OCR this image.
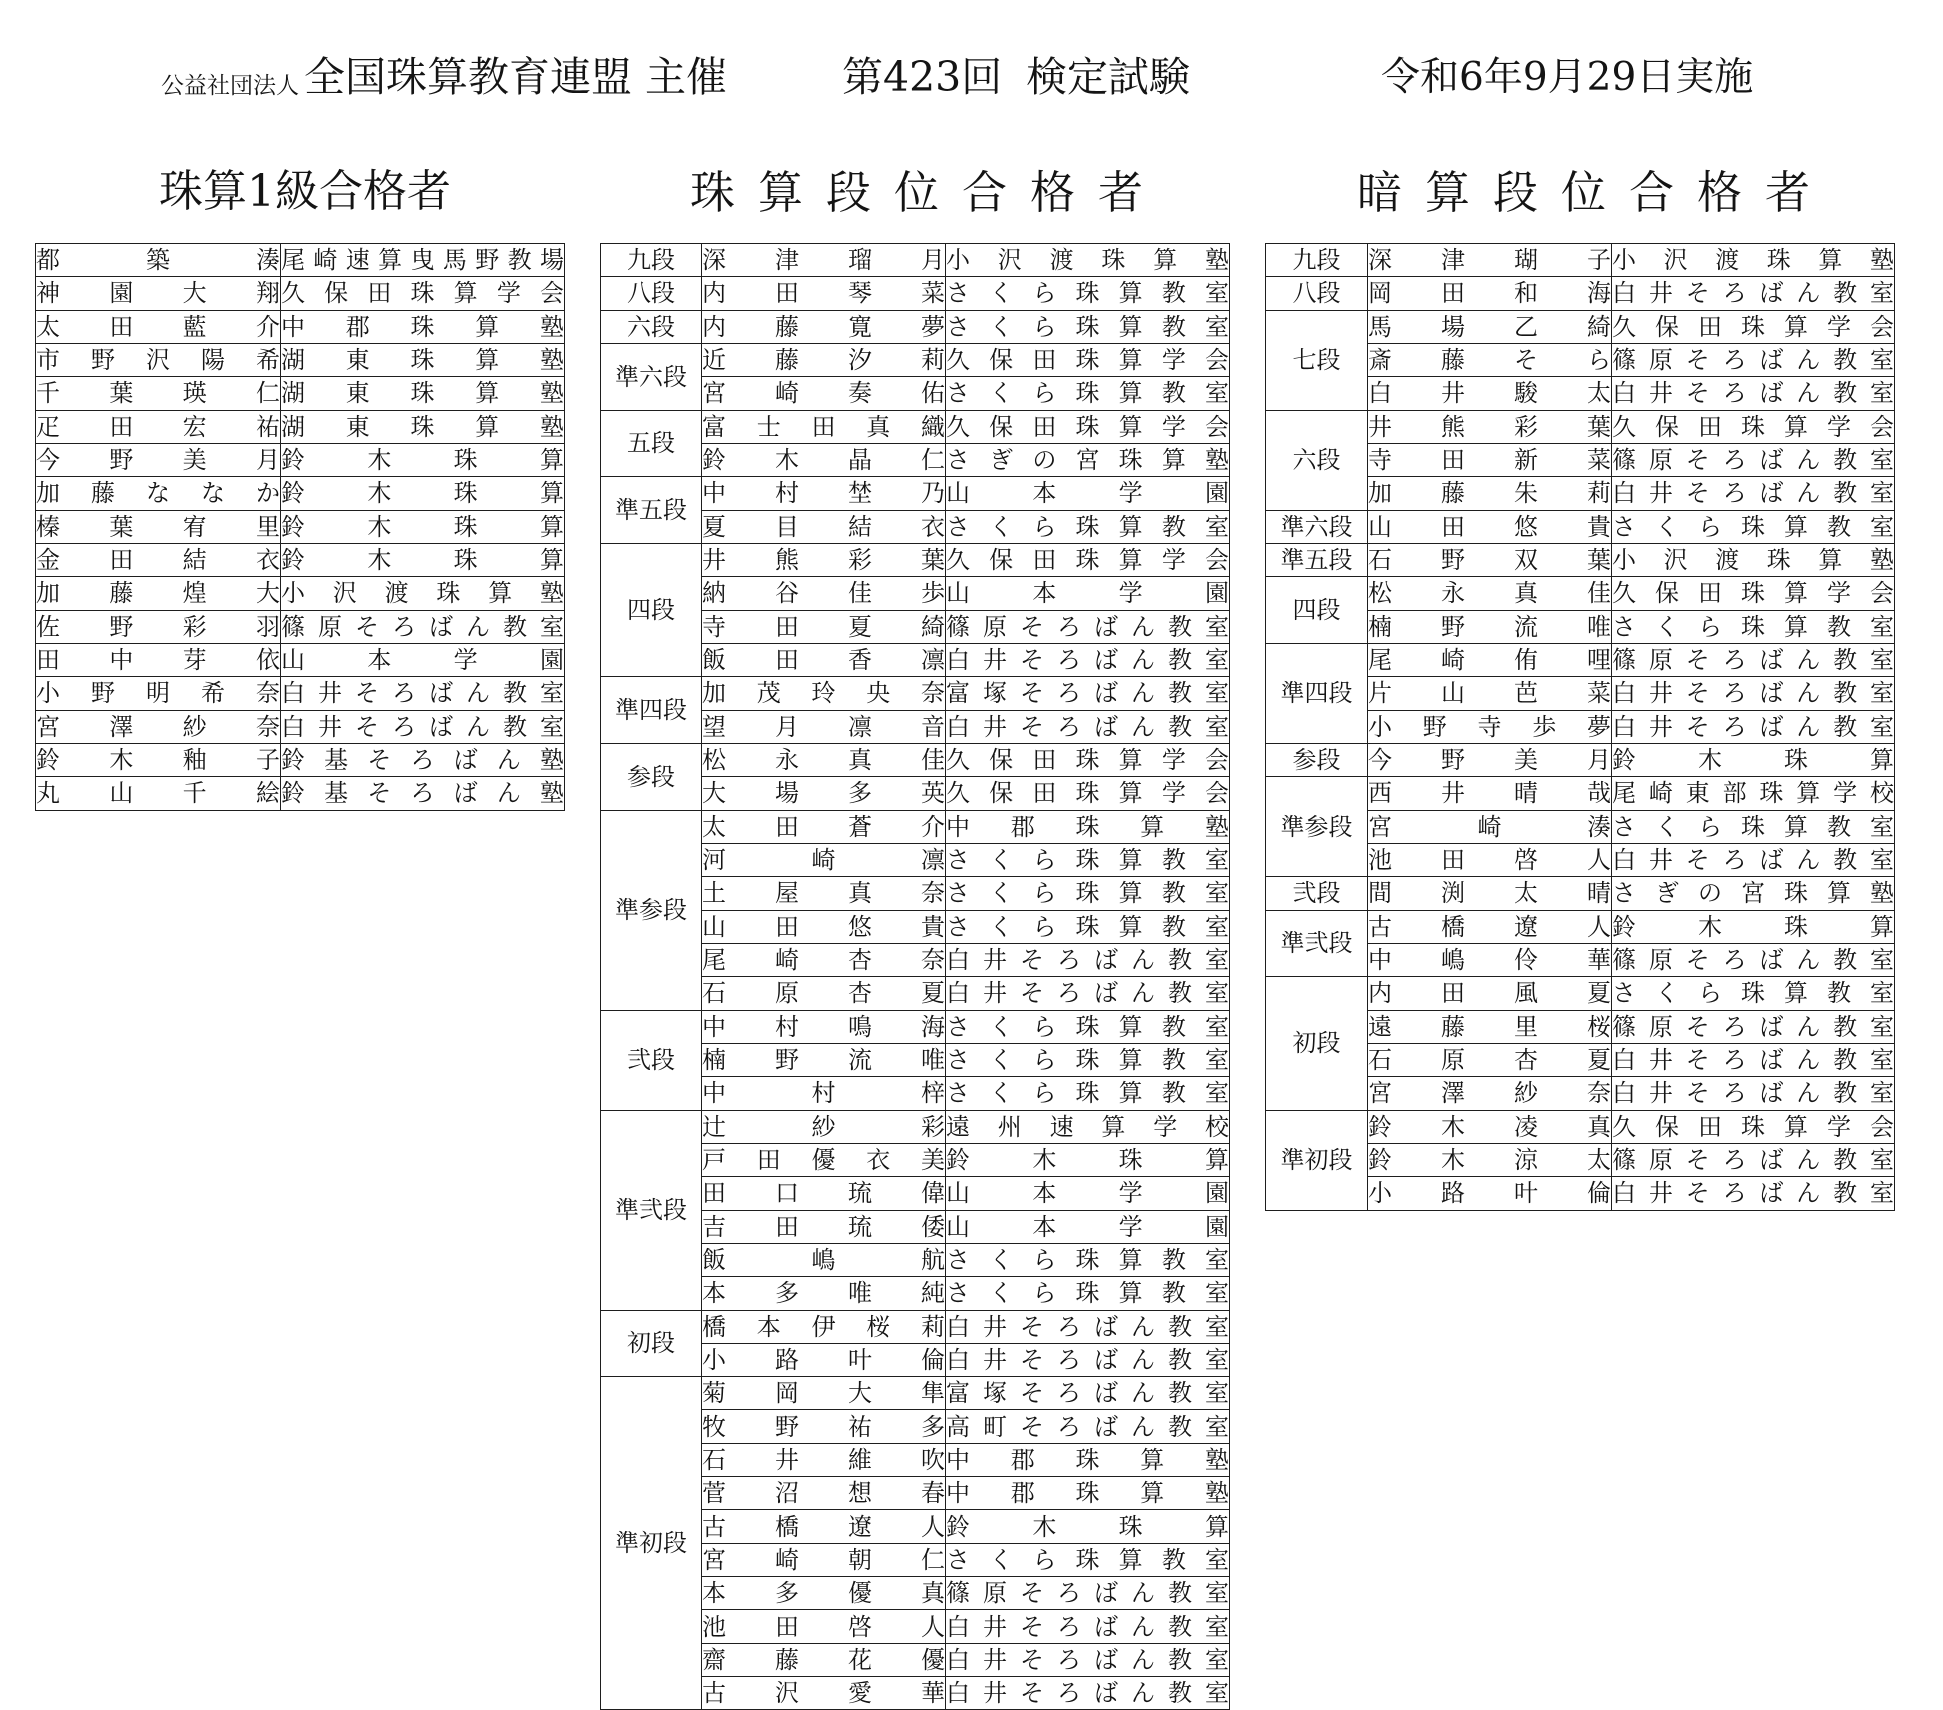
公益社団法人 全国珠算教育連盟 主催	第423回 検定試験	令和6年9月29日実施
珠算1級合格者	珠算段位合格者	暗算段位合格者
都築湊	尾崎速算曳馬野教場
神園大翔	久保田珠算学会
太田藍介	中郡珠算塾
市野沢陽希	湖東珠算塾
千葉瑛仁	湖東珠算塾
疋田宏祐	湖東珠算塾
今野美月	鈴木珠算
加藤ななか	鈴木珠算
榛葉宥里	鈴木珠算
金田結衣	鈴木珠算
加藤煌大	小沢渡珠算塾
佐野彩羽	篠原そろばん教室
田中芽依	山本学園
小野明希奈	白井そろばん教室
宮澤紗奈	白井そろばん教室
鈴木釉子	鈴基そろばん塾
丸山千絵	鈴基そろばん塾
九段	深津瑠月	小沢渡珠算塾
八段	内田琴菜	さくら珠算教室
六段	内藤寛夢	さくら珠算教室
準六段	近藤汐莉	久保田珠算学会
	宮崎奏佑	さくら珠算教室
五段	富士田真織	久保田珠算学会
	鈴木晶仁	さぎの宮珠算塾
準五段	中村埜乃	山本学園
	夏目結衣	さくら珠算教室
四段	井熊彩葉	久保田珠算学会
	納谷佳歩	山本学園
	寺田夏綺	篠原そろばん教室
	飯田香凛	白井そろばん教室
準四段	加茂玲央奈	富塚そろばん教室
	望月凛音	白井そろばん教室
参段	松永真佳	久保田珠算学会
	大場多英	久保田珠算学会
準参段	太田蒼介	中郡珠算塾
	河崎凛	さくら珠算教室
	土屋真奈	さくら珠算教室
	山田悠貴	さくら珠算教室
	尾崎杏奈	白井そろばん教室
	石原杏夏	白井そろばん教室
弐段	中村鳴海	さくら珠算教室
	楠野流唯	さくら珠算教室
	中村梓	さくら珠算教室
準弐段	辻紗彩	遠州速算学校
	戸田優衣美	鈴木珠算
	田口琉偉	山本学園
	吉田琉倭	山本学園
	飯嶋航	さくら珠算教室
	本多唯純	さくら珠算教室
初段	橋本伊桜莉	白井そろばん教室
	小路叶倫	白井そろばん教室
準初段	菊岡大隼	富塚そろばん教室
	牧野祐多	高町そろばん教室
	石井維吹	中郡珠算塾
	菅沼想春	中郡珠算塾
	古橋遼人	鈴木珠算
	宮崎朝仁	さくら珠算教室
	本多優真	篠原そろばん教室
	池田啓人	白井そろばん教室
	齋藤花優	白井そろばん教室
	古沢愛華	白井そろばん教室
九段	深津瑚子	小沢渡珠算塾
八段	岡田和海	白井そろばん教室
七段	馬場乙綺	久保田珠算学会
	斎藤そら	篠原そろばん教室
	白井駿太	白井そろばん教室
六段	井熊彩葉	久保田珠算学会
	寺田新菜	篠原そろばん教室
	加藤朱莉	白井そろばん教室
準六段	山田悠貴	さくら珠算教室
準五段	石野双葉	小沢渡珠算塾
四段	松永真佳	久保田珠算学会
	楠野流唯	さくら珠算教室
準四段	尾崎侑哩	篠原そろばん教室
	片山芭菜	白井そろばん教室
	小野寺歩夢	白井そろばん教室
参段	今野美月	鈴木珠算
準参段	西井晴哉	尾崎東部珠算学校
	宮崎湊	さくら珠算教室
	池田啓人	白井そろばん教室
弐段	間渕太晴	さぎの宮珠算塾
準弐段	古橋遼人	鈴木珠算
	中嶋伶華	篠原そろばん教室
初段	内田風夏	さくら珠算教室
	遠藤里桜	篠原そろばん教室
	石原杏夏	白井そろばん教室
	宮澤紗奈	白井そろばん教室
準初段	鈴木凌真	久保田珠算学会
	鈴木涼太	篠原そろばん教室
	小路叶倫	白井そろばん教室
